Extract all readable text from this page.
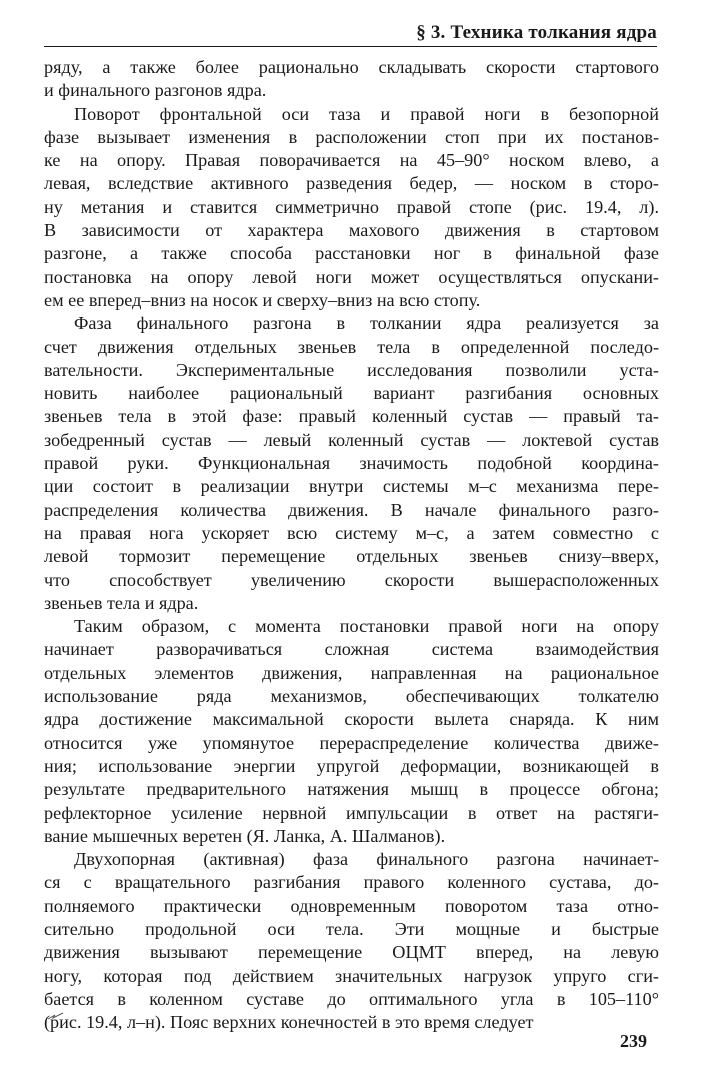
§ 3. Техника толкания ядра
ряду, а также более рационально складывать скорости стартового
и финального разгонов ядра.
Поворот фронтальной оси таза и правой ноги в безопорной
фазе вызывает изменения в расположении стоп при их постанов-
ке на опору. Правая поворачивается на 45–90° носком влево, а
левая, вследствие активного разведения бедер, — носком в сторо-
ну метания и ставится симметрично правой стопе (рис. 19.4, л).
В зависимости от характера махового движения в стартовом
разгоне, а также способа расстановки ног в финальной фазе
постановка на опору левой ноги может осуществляться опускани-
ем ее вперед–вниз на носок и сверху–вниз на всю стопу.
Фаза финального разгона в толкании ядра реализуется за
счет движения отдельных звеньев тела в определенной последо-
вательности. Экспериментальные исследования позволили уста-
новить наиболее рациональный вариант разгибания основных
звеньев тела в этой фазе: правый коленный сустав — правый та-
зобедренный сустав — левый коленный сустав — локтевой сустав
правой руки. Функциональная значимость подобной координа-
ции состоит в реализации внутри системы м–с механизма пере-
распределения количества движения. В начале финального разго-
на правая нога ускоряет всю систему м–с, а затем совместно с
левой тормозит перемещение отдельных звеньев снизу–вверх,
что способствует увеличению скорости вышерасположенных
звеньев тела и ядра.
Таким образом, с момента постановки правой ноги на опору
начинает разворачиваться сложная система взаимодействия
отдельных элементов движения, направленная на рациональное
использование ряда механизмов, обеспечивающих толкателю
ядра достижение максимальной скорости вылета снаряда. К ним
относится уже упомянутое перераспределение количества движе-
ния; использование энергии упругой деформации, возникающей в
результате предварительного натяжения мышц в процессе обгона;
рефлекторное усиление нервной импульсации в ответ на растяги-
вание мышечных веретен (Я. Ланка, А. Шалманов).
Двухопорная (активная) фаза финального разгона начинает-
ся с вращательного разгибания правого коленного сустава, до-
полняемого практически одновременным поворотом таза отно-
сительно продольной оси тела. Эти мощные и быстрые
движения вызывают перемещение ОЦМТ вперед, на левую
ногу, которая под действием значительных нагрузок упруго сги-
бается в коленном суставе до оптимального угла в 105–110°
(рис. 19.4, л–н). Пояс верхних конечностей в это время следует
239
